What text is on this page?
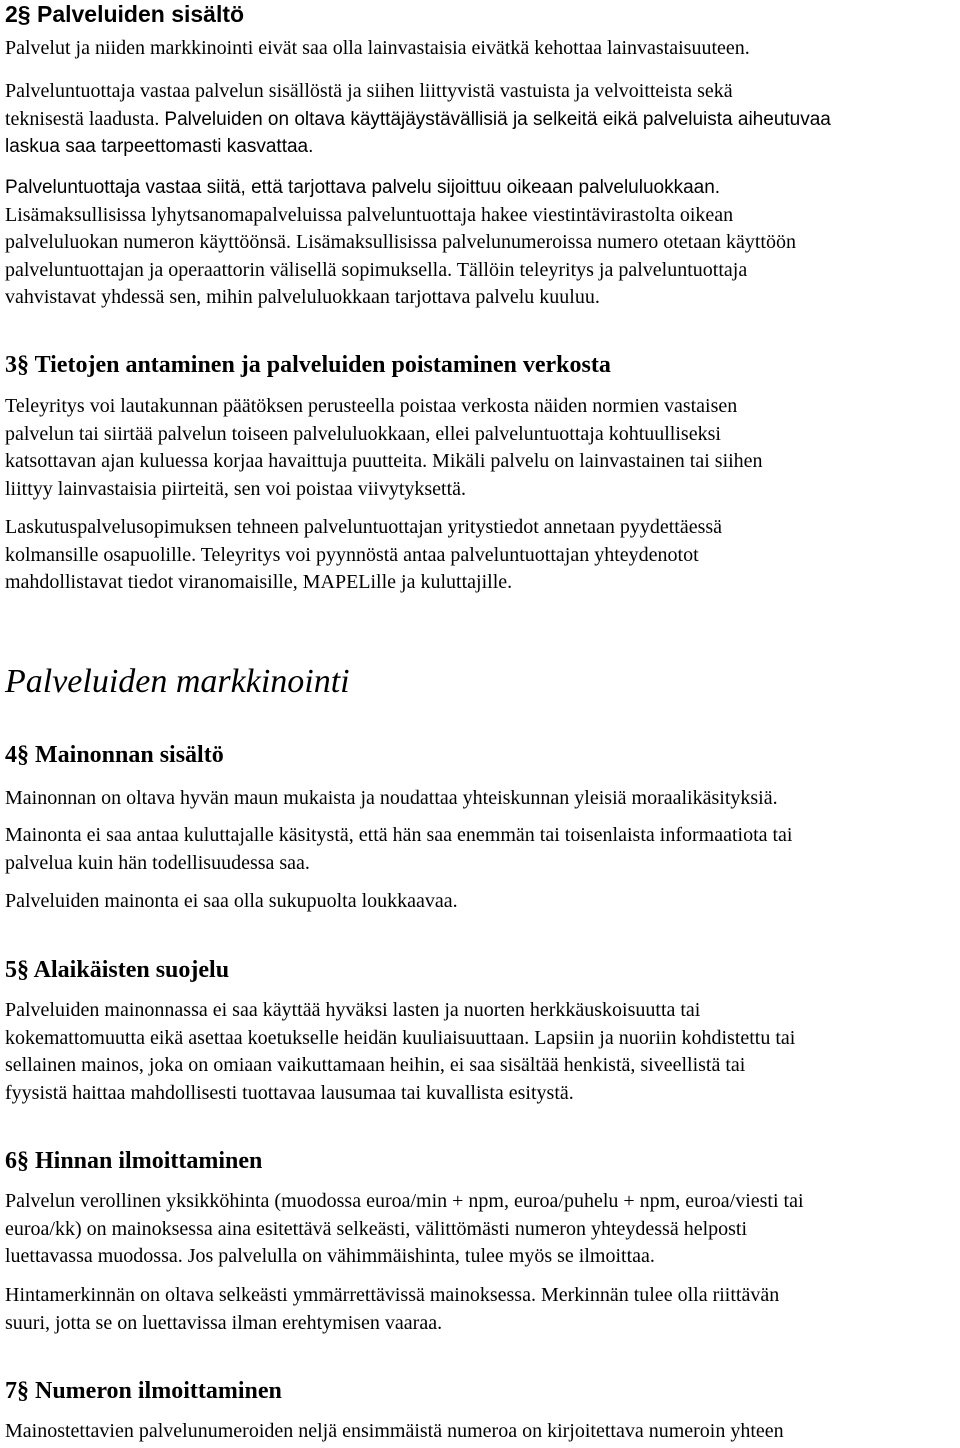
2§ Palveluiden sisältö

Palvelut ja niiden markkinointi eivät saa olla lainvastaisia eivätkä kehottaa lainvastaisuuteen.

Palveluntuottaja vastaa palvelun sisällöstä ja siihen liittyvistä vastuista ja velvoitteista sekä
teknisestä laadusta. Palveluiden on oltava käyttäjäystävällisiä ja selkeitä eikä palveluista aiheutuvaa
laskua saa tarpeettomasti kasvattaa.

Palveluntuottaja vastaa siitä, että tarjottava palvelu sijoittuu oikeaan palveluluokkaan.
Lisämaksullisissa lyhytsanomapalveluissa palveluntuottaja hakee viestintävirastolta oikean
palveluluokan numeron käyttöönsä. Lisämaksullisissa palvelunumeroissa numero otetaan käyttöön
palveluntuottajan ja operaattorin välisellä sopimuksella. Tällöin teleyritys ja palveluntuottaja
vahvistavat yhdessä sen, mihin palveluluokkaan tarjottava palvelu kuuluu.

3§ Tietojen antaminen ja palveluiden poistaminen verkosta

Teleyritys voi lautakunnan päätöksen perusteella poistaa verkosta näiden normien vastaisen
palvelun tai siirtää palvelun toiseen palveluluokkaan, ellei palveluntuottaja kohtuulliseksi
katsottavan ajan kuluessa korjaa havaittuja puutteita. Mikäli palvelu on lainvastainen tai siihen
liittyy lainvastaisia piirteitä, sen voi poistaa viivytyksettä.

Laskutuspalvelusopimuksen tehneen palveluntuottajan yritystiedot annetaan pyydettäessä
kolmansille osapuolille. Teleyritys voi pyynnöstä antaa palveluntuottajan yhteydenotot
mahdollistavat tiedot viranomaisille, MAPELille ja kuluttajille.

Palveluiden markkinointi
4§ Mainonnan sisältö

Mainonnan on oltava hyvän maun mukaista ja noudattaa yhteiskunnan yleisiä moraalikäsityksiä.

Mainonta ei saa antaa kuluttajalle käsitystä, että hän saa enemmän tai toisenlaista informaatiota tai
palvelua kuin hän todellisuudessa saa.

Palveluiden mainonta ei saa olla sukupuolta loukkaavaa.

5§ Alaikäisten suojelu

Palveluiden mainonnassa ei saa käyttää hyväksi lasten ja nuorten herkkäuskoisuutta tai
kokemattomuutta eikä asettaa koetukselle heidän kuuliaisuuttaan. Lapsiin ja nuoriin kohdistettu tai
sellainen mainos, joka on omiaan vaikuttamaan heihin, ei saa sisältää henkistä, siveellistä tai
fyysistä haittaa mahdollisesti tuottavaa lausumaa tai kuvallista esitystä.

6§ Hinnan ilmoittaminen

Palvelun verollinen yksikköhinta (muodossa euroa/min + npm, euroa/puhelu + npm, euroa/viesti tai
euroa/kk) on mainoksessa aina esitettävä selkeästi, välittömästi numeron yhteydessä helposti
luettavassa muodossa. Jos palvelulla on vähimmäishinta, tulee myös se ilmoittaa.

Hintamerkinnän on oltava selkeästi ymmärrettävissä mainoksessa. Merkinnän tulee olla riittävän
suuri, jotta se on luettavissa ilman erehtymisen vaaraa.

7§ Numeron ilmoittaminen

Mainostettavien palvelunumeroiden neljä ensimmäistä numeroa on kirjoitettava numeroin yhteen
